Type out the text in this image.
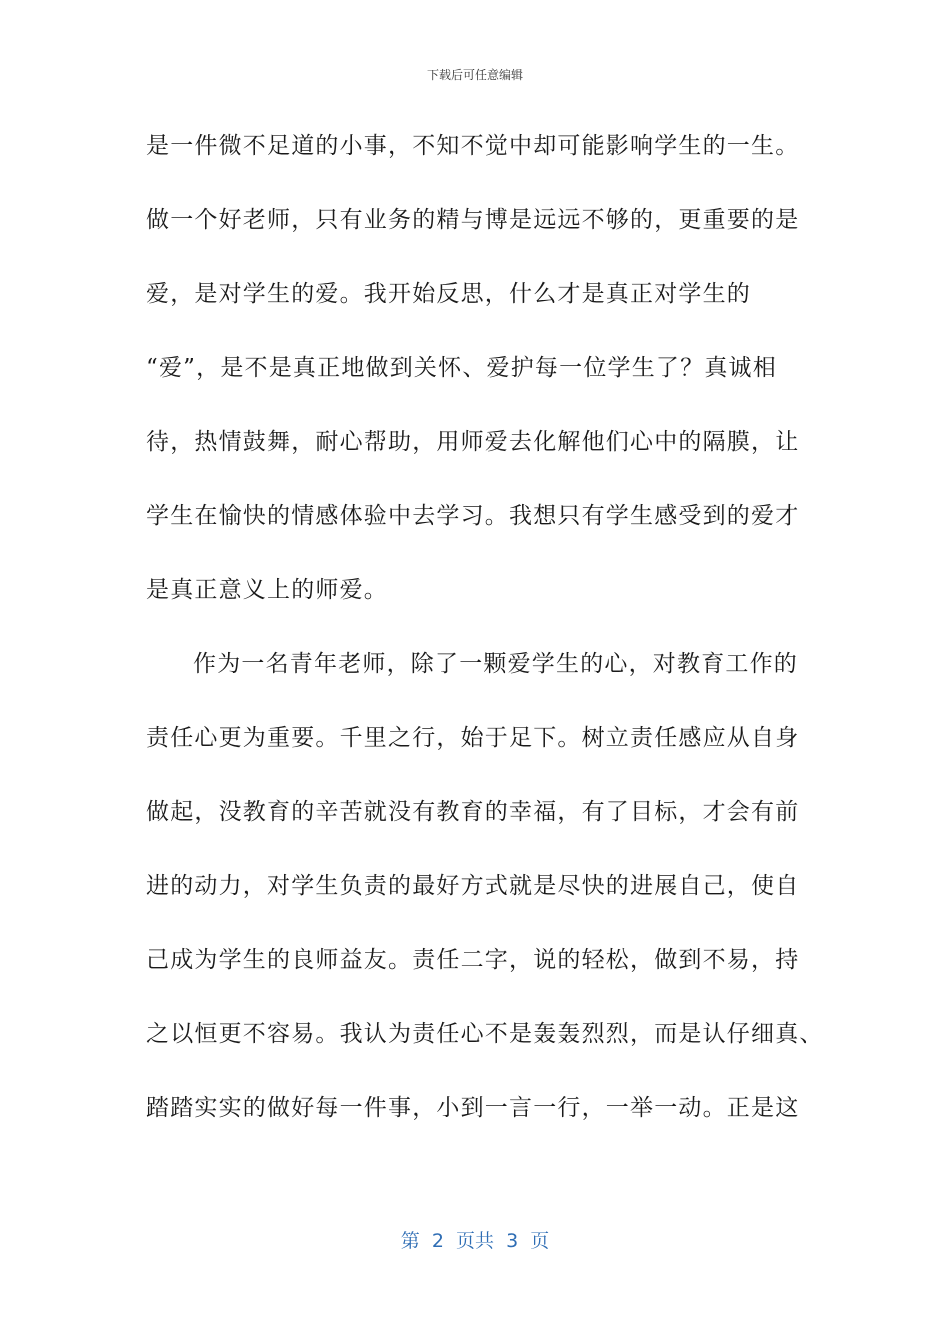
下载后可任意编辑
是一件微不足道的小事，不知不觉中却可能影响学生的一生。
做一个好老师，只有业务的精与博是远远不够的，更重要的是
爱，是对学生的爱。我开始反思，什么才是真正对学生的
“爱”，是不是真正地做到关怀、爱护每一位学生了？真诚相
待，热情鼓舞，耐心帮助，用师爱去化解他们心中的隔膜，让
学生在愉快的情感体验中去学习。我想只有学生感受到的爱才
是真正意义上的师爱。
作为一名青年老师，除了一颗爱学生的心，对教育工作的
责任心更为重要。千里之行，始于足下。树立责任感应从自身
做起，没教育的辛苦就没有教育的幸福，有了目标，才会有前
进的动力，对学生负责的最好方式就是尽快的进展自己，使自
己成为学生的良师益友。责任二字，说的轻松，做到不易，持
之以恒更不容易。我认为责任心不是轰轰烈烈，而是认仔细真、
踏踏实实的做好每一件事，小到一言一行，一举一动。正是这
第  2  页共  3  页
